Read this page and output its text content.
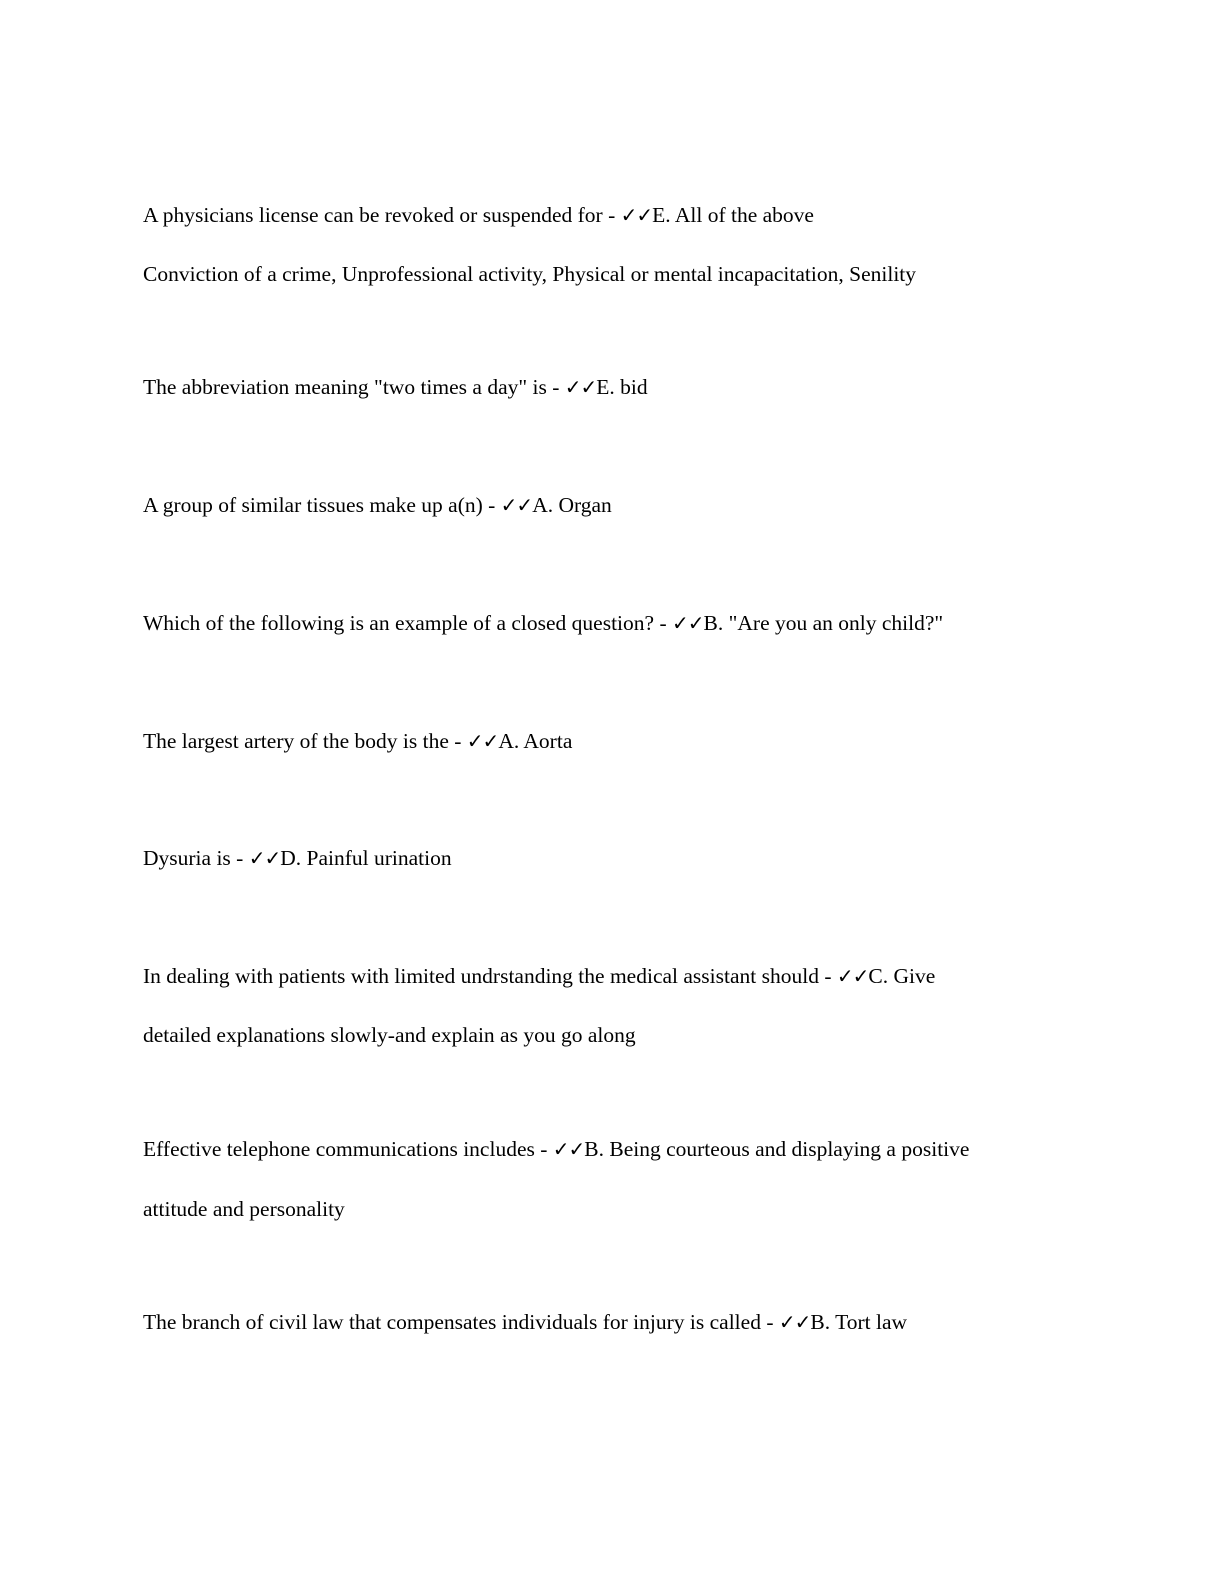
A physicians license can be revoked or suspended for - ✓✓E. All of the above

Conviction of a crime, Unprofessional activity, Physical or mental incapacitation, Senility

The abbreviation meaning "two times a day" is - ✓✓E. bid

A group of similar tissues make up a(n) - ✓✓A. Organ

Which of the following is an example of a closed question? - ✓✓B. "Are you an only child?"

The largest artery of the body is the - ✓✓A. Aorta

Dysuria is - ✓✓D. Painful urination

In dealing with patients with limited undrstanding the medical assistant should - ✓✓C. Give

detailed explanations slowly-and explain as you go along

Effective telephone communications includes - ✓✓B. Being courteous and displaying a positive

attitude and personality

The branch of civil law that compensates individuals for injury is called - ✓✓B. Tort law
